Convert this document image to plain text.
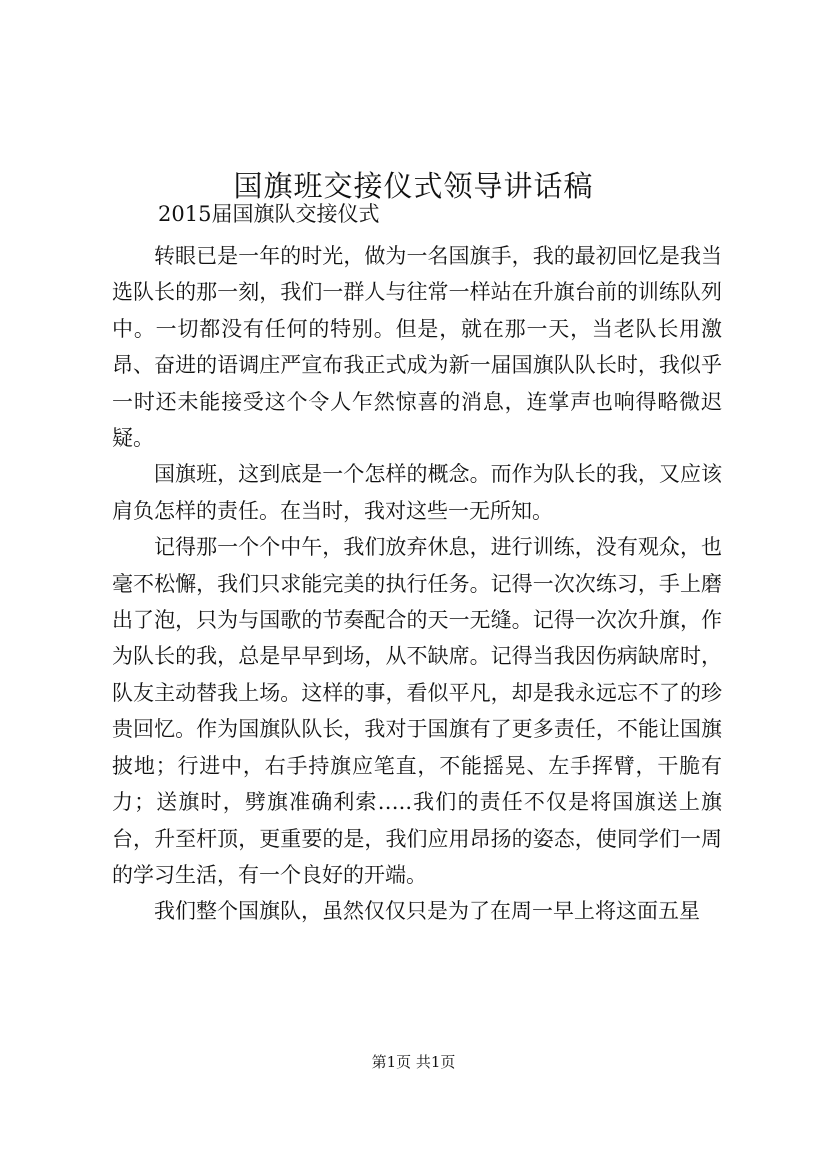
国旗班交接仪式领导讲话稿
2015届国旗队交接仪式

转眼已是一年的时光，做为一名国旗手，我的最初回忆是我当选队长的那一刻，我们一群人与往常一样站在升旗台前的训练队列中。一切都没有任何的特别。但是，就在那一天，当老队长用激昂、奋进的语调庄严宣布我正式成为新一届国旗队队长时，我似乎一时还未能接受这个令人乍然惊喜的消息，连掌声也响得略微迟疑。

国旗班，这到底是一个怎样的概念。而作为队长的我，又应该肩负怎样的责任。在当时，我对这些一无所知。

记得那一个个中午，我们放弃休息，进行训练，没有观众，也毫不松懈，我们只求能完美的执行任务。记得一次次练习，手上磨出了泡，只为与国歌的节奏配合的天一无缝。记得一次次升旗，作为队长的我，总是早早到场，从不缺席。记得当我因伤病缺席时，队友主动替我上场。这样的事，看似平凡，却是我永远忘不了的珍贵回忆。作为国旗队队长，我对于国旗有了更多责任，不能让国旗披地；行进中，右手持旗应笔直，不能摇晃、左手挥臂，干脆有力；送旗时，劈旗准确利索…..我们的责任不仅是将国旗送上旗台，升至杆顶，更重要的是，我们应用昂扬的姿态，使同学们一周的学习生活，有一个良好的开端。

我们整个国旗队，虽然仅仅只是为了在周一早上将这面五星

第1页 共1页
